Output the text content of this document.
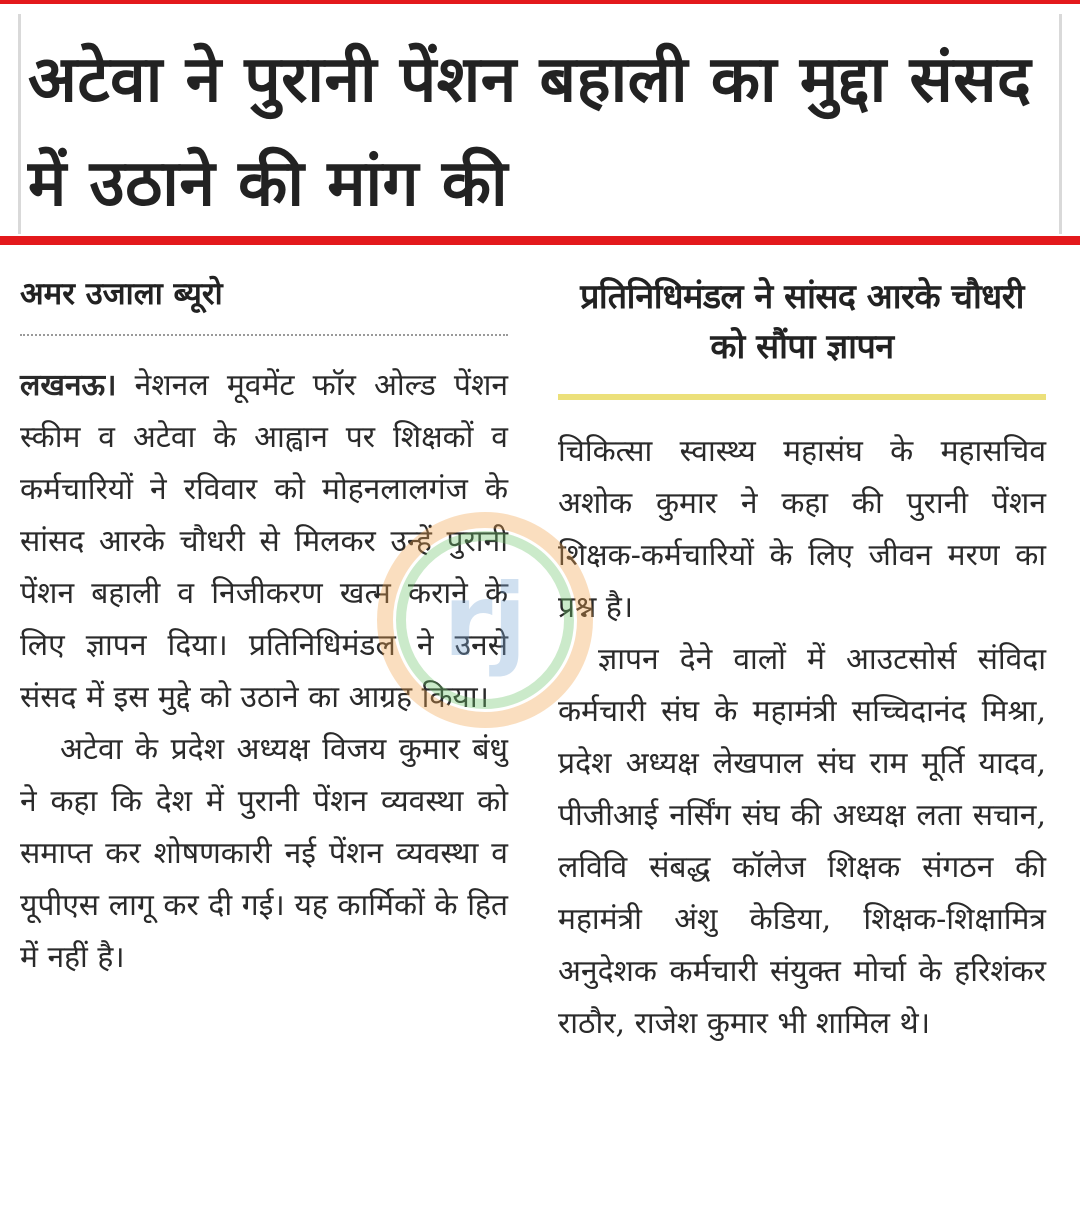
अटेवा ने पुरानी पेंशन बहाली का मुद्दा संसद में उठाने की मांग की

अमर उजाला ब्यूरो

लखनऊ। नेशनल मूवमेंट फॉर ओल्ड पेंशन स्कीम व अटेवा के आह्वान पर शिक्षकों व कर्मचारियों ने रविवार को मोहनलालगंज के सांसद आरके चौधरी से मिलकर उन्हें पुरानी पेंशन बहाली व निजीकरण खत्म कराने के लिए ज्ञापन दिया। प्रतिनिधिमंडल ने उनसे संसद में इस मुद्दे को उठाने का आग्रह किया।

अटेवा के प्रदेश अध्यक्ष विजय कुमार बंधु ने कहा कि देश में पुरानी पेंशन व्यवस्था को समाप्त कर शोषणकारी नई पेंशन व्यवस्था व यूपीएस लागू कर दी गई। यह कार्मिकों के हित में नहीं है।

प्रतिनिधिमंडल ने सांसद आरके चौधरी को सौंपा ज्ञापन

चिकित्सा स्वास्थ्य महासंघ के महासचिव अशोक कुमार ने कहा की पुरानी पेंशन शिक्षक-कर्मचारियों के लिए जीवन मरण का प्रश्न है।

ज्ञापन देने वालों में आउटसोर्स संविदा कर्मचारी संघ के महामंत्री सच्चिदानंद मिश्रा, प्रदेश अध्यक्ष लेखपाल संघ राम मूर्ति यादव, पीजीआई नर्सिंग संघ की अध्यक्ष लता सचान, लविवि संबद्ध कॉलेज शिक्षक संगठन की महामंत्री अंशु केडिया, शिक्षक-शिक्षामित्र अनुदेशक कर्मचारी संयुक्त मोर्चा के हरिशंकर राठौर, राजेश कुमार भी शामिल थे।

rj
